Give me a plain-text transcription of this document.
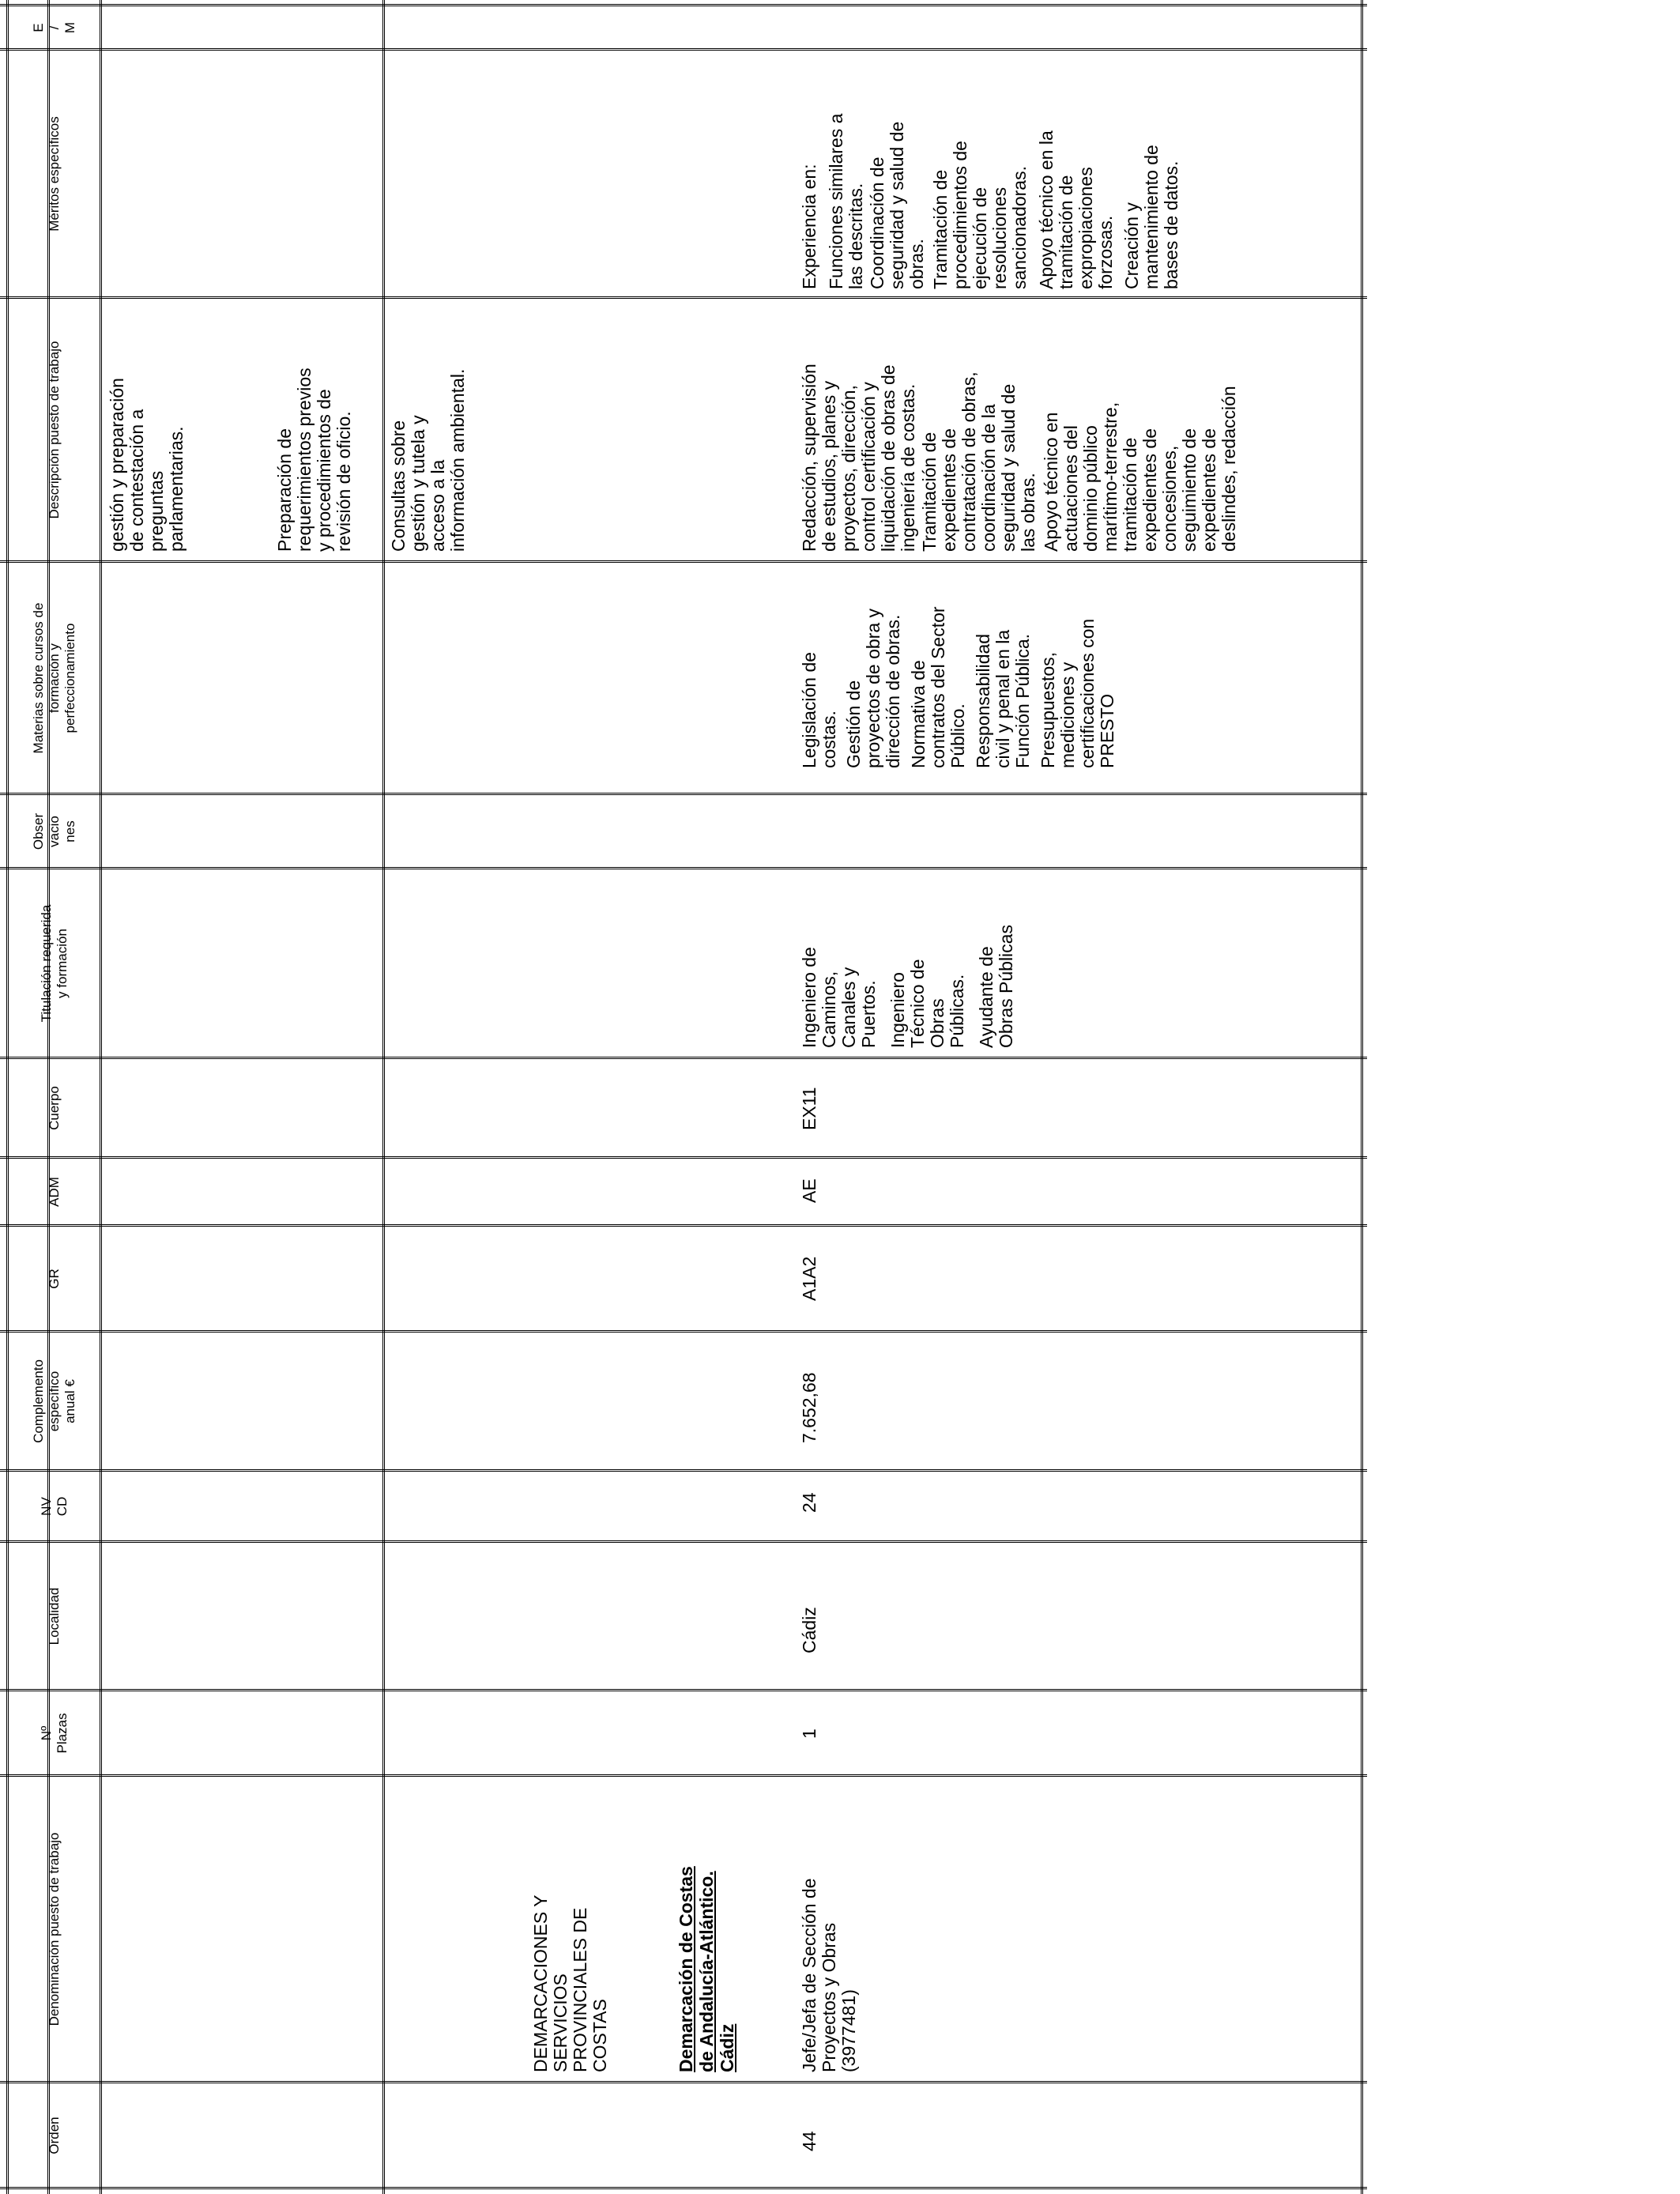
Orden
Denominación puesto de trabajo
Nº
Plazas
Localidad
Complemento
específico
anual €
NV
CD
GR
ADM
Cuerpo
Titulación requerida
y formación
Obser
vacio
nes
Materias sobre cursos de
formación y
perfeccionamiento
Descripción puesto de trabajo
Méritos específicos
E
/
M
gestión y preparación
de contestación a
preguntas
parlamentarias.	Preparación de
requerimientos previos
y procedimientos de
revisión de oficio.
Consultas sobre
gestión y tutela y
acceso a la
información ambiental.
DEMARCACIONES Y
SERVICIOS
PROVINCIALES DE
COSTAS	Demarcación de Costas de Andalucía-Atlántico. Cádiz
44
Jefe/Jefa de Sección de
Proyectos y Obras
(3977481)
1
Cádiz
24
7.652,68
A1A2
AE
EX11
Ingeniero de
Caminos,
Canales y
Puertos. Ingeniero
Técnico de
Obras
Públicas. Ayudante de
Obras Públicas
Legislación de
costas. Gestión de
proyectos de obra y
dirección de obras.
Normativa de
contratos del Sector
Público. Responsabilidad
civil y penal en la
Función Pública. Presupuestos,
mediciones y
certificaciones con
PRESTO
Redacción, supervisión
de estudios, planes y
proyectos, dirección,
control certificación y
liquidación de obras de
ingeniería de costas.
Tramitación de
expedientes de
contratación de obras,
coordinación de la
seguridad y salud de
las obras.
Apoyo técnico en
actuaciones del
dominio público
marítimo-terrestre,
tramitación de
expedientes de
concesiones,
seguimiento de
expedientes de
deslindes, redacción
Experiencia en: Funciones similares a
las descritas. Coordinación de
seguridad y salud de
obras. Tramitación de
procedimientos de
ejecución de
resoluciones
sancionadoras. Apoyo técnico en la
tramitación de
expropiaciones
forzosas. Creación y
mantenimiento de
bases de datos.
